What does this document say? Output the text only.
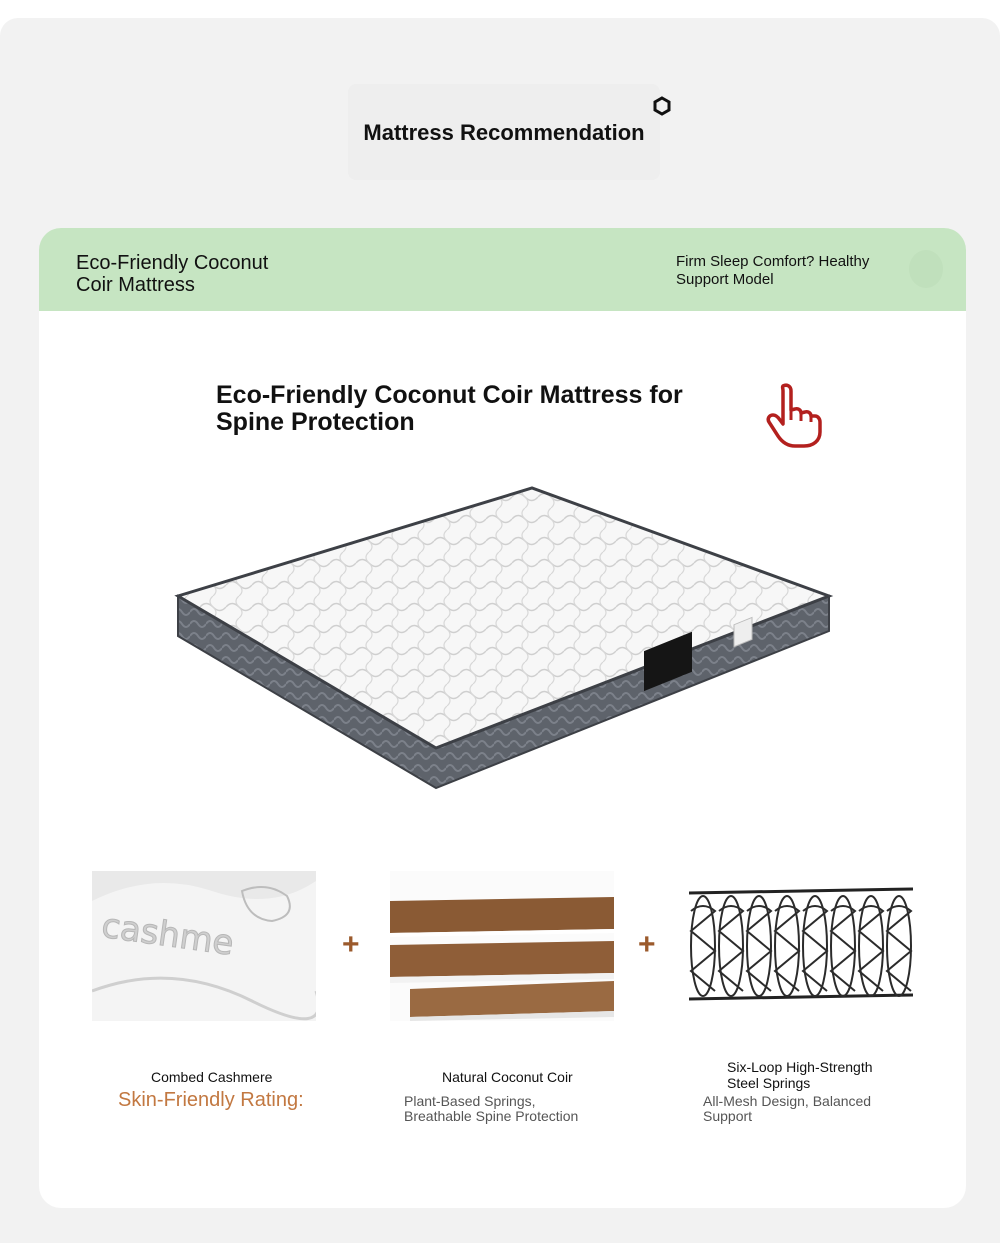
Mattress Recommendation
Eco-Friendly Coconut Coir Mattress
Firm Sleep Comfort? Healthy Support Model
Eco-Friendly Coconut Coir Mattress for Spine Protection
cashme	+	+
Combed Cashmere
Skin-Friendly Rating:
Natural Coconut Coir
Plant-Based Springs, Breathable Spine Protection
Six-Loop High-Strength Steel Springs
All-Mesh Design, Balanced Support
